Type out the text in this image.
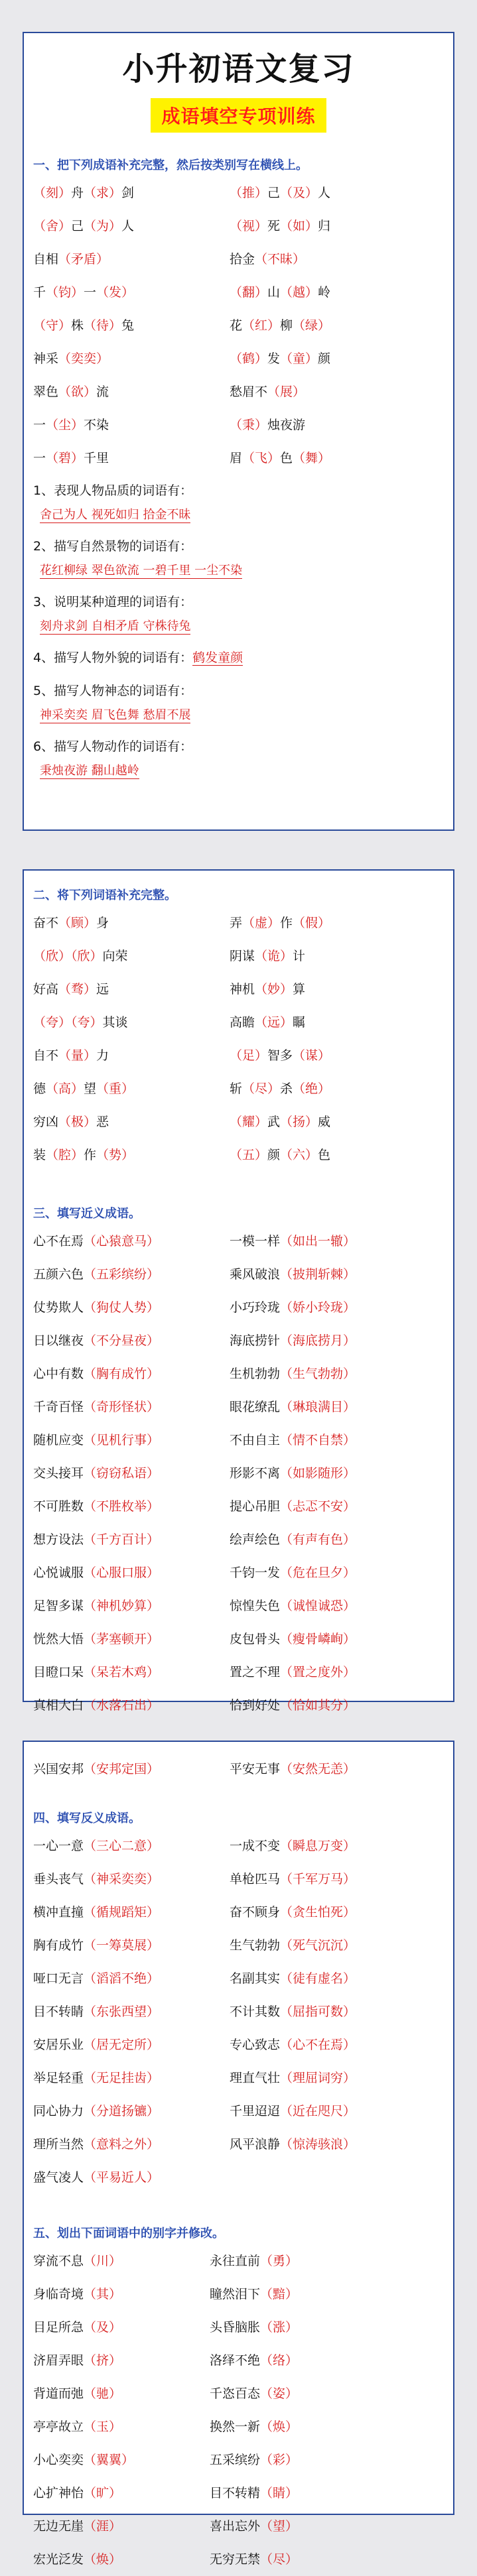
小升初语文复习
成语填空专项训练
一、把下列成语补充完整，然后按类别写在横线上。
（刻）舟（求）剑	（推）己（及）人
（舍）己（为）人	（视）死（如）归
自相（矛盾）	拾金（不昧）
千（钧）一（发）	（翻）山（越）岭
（守）株（待）兔	花（红）柳（绿）
神采（奕奕）	（鹤）发（童）颜
翠色（欲）流	愁眉不（展）
一（尘）不染	（秉）烛夜游
一（碧）千里	眉（飞）色（舞）
1、表现人物品质的词语有：
舍己为人 视死如归 拾金不昧
2、描写自然景物的词语有：
花红柳绿 翠色欲流 一碧千里 一尘不染
3、说明某种道理的词语有：
刻舟求剑 自相矛盾 守株待兔
4、描写人物外貌的词语有：鹤发童颜
5、描写人物神态的词语有：
神采奕奕 眉飞色舞 愁眉不展
6、描写人物动作的词语有：
秉烛夜游 翻山越岭
二、将下列词语补充完整。
奋不（顾）身	弄（虚）作（假）
（欣）（欣）向荣	阴谋（诡）计
好高（骛）远	神机（妙）算
（夸）（夸）其谈	高瞻（远）瞩
自不（量）力	（足）智多（谋）
德（高）望（重）	斩（尽）杀（绝）
穷凶（极）恶	（耀）武（扬）威
装（腔）作（势）	（五）颜（六）色
三、填写近义成语。
心不在焉（心猿意马）	一模一样（如出一辙）
五颜六色（五彩缤纷）	乘风破浪（披荆斩棘）
仗势欺人（狗仗人势）	小巧玲珑（娇小玲珑）
日以继夜（不分昼夜）	海底捞针（海底捞月）
心中有数（胸有成竹）	生机勃勃（生气勃勃）
千奇百怪（奇形怪状）	眼花缭乱（琳琅满目）
随机应变（见机行事）	不由自主（情不自禁）
交头接耳（窃窃私语）	形影不离（如影随形）
不可胜数（不胜枚举）	提心吊胆（忐忑不安）
想方设法（千方百计）	绘声绘色（有声有色）
心悦诚服（心服口服）	千钧一发（危在旦夕）
足智多谋（神机妙算）	惊惶失色（诚惶诚恐）
恍然大悟（茅塞顿开）	皮包骨头（瘦骨嶙峋）
目瞪口呆（呆若木鸡）	置之不理（置之度外）
真相大白（水落石出）	恰到好处（恰如其分）
兴国安邦（安邦定国）	平安无事（安然无恙）
四、填写反义成语。
一心一意（三心二意）	一成不变（瞬息万变）
垂头丧气（神采奕奕）	单枪匹马（千军万马）
横冲直撞（循规蹈矩）	奋不顾身（贪生怕死）
胸有成竹（一筹莫展）	生气勃勃（死气沉沉）
哑口无言（滔滔不绝）	名副其实（徒有虚名）
目不转睛（东张西望）	不计其数（屈指可数）
安居乐业（居无定所）	专心致志（心不在焉）
举足轻重（无足挂齿）	理直气壮（理屈词穷）
同心协力（分道扬镳）	千里迢迢（近在咫尺）
理所当然（意料之外）	风平浪静（惊涛骇浪）
盛气凌人（平易近人）
五、划出下面词语中的别字并修改。
穿流不息（川）	永往直前（勇）
身临奇境（其）	瞳然泪下（黯）
目足所急（及）	头昏脑胀（涨）
济眉弄眼（挤）	洛绎不绝（络）
背道而弛（驰）	千恣百态（姿）
亭亭故立（玉）	换然一新（焕）
小心奕奕（翼翼）	五采缤纷（彩）
心扩神怡（旷）	目不转精（睛）
无边无崖（涯）	喜出忘外（望）
宏光泛发（焕）	无穷无禁（尽）
